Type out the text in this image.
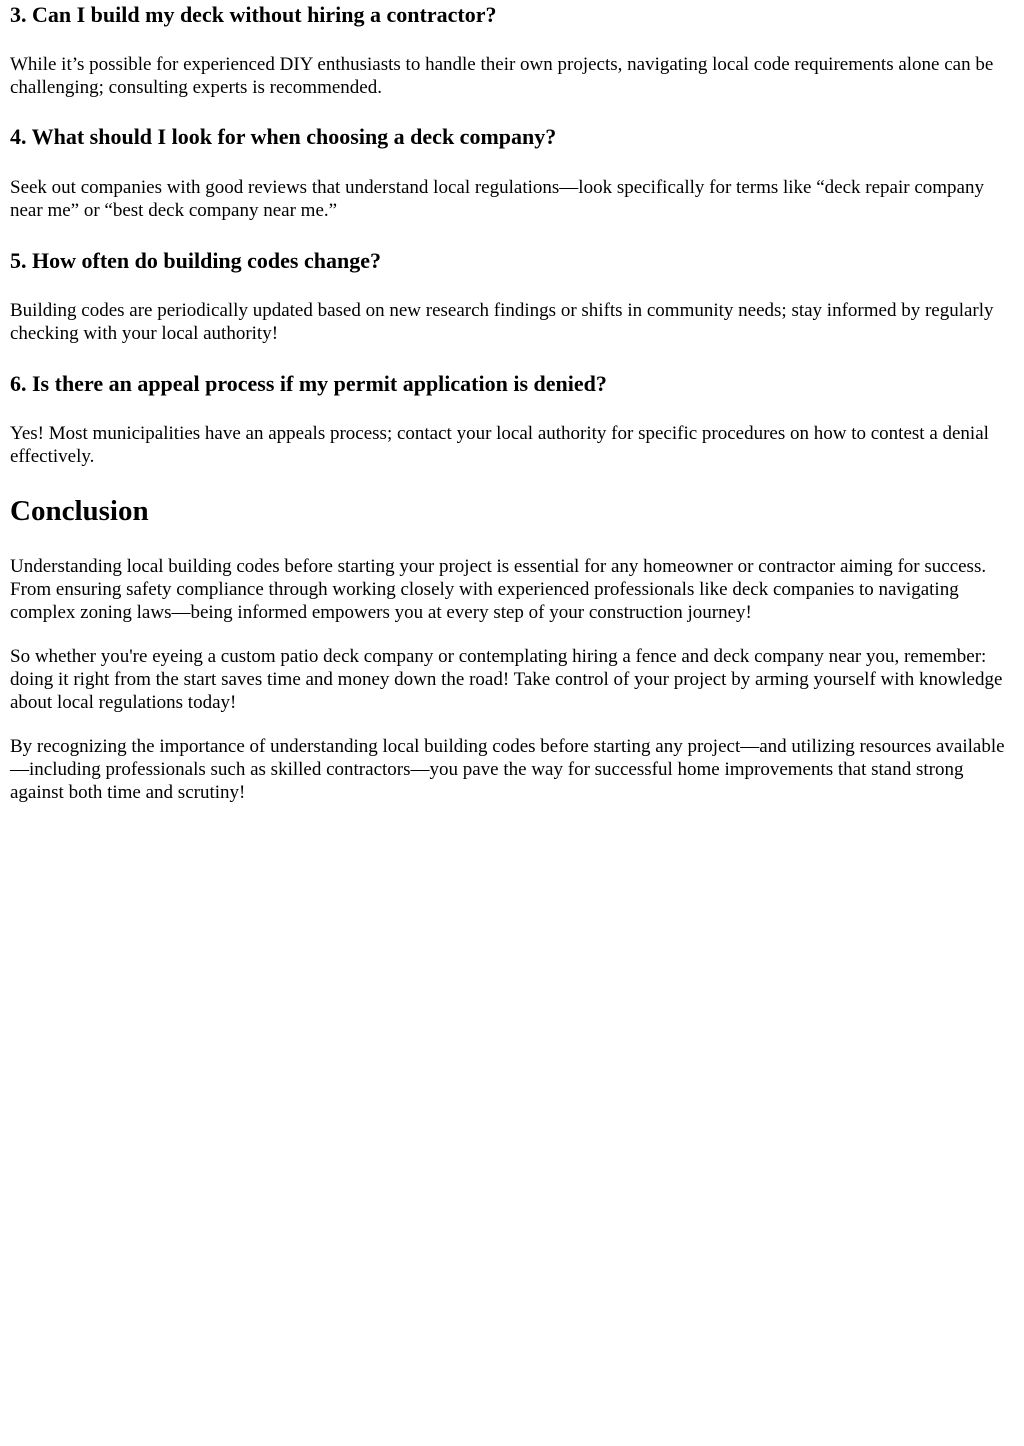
3. Can I build my deck without hiring a contractor?

While it’s possible for experienced DIY enthusiasts to handle their own projects, navigating local code requirements alone can be challenging; consulting experts is recommended.

4. What should I look for when choosing a deck company?

Seek out companies with good reviews that understand local regulations—look specifically for terms like “deck repair company near me” or “best deck company near me.”

5. How often do building codes change?

Building codes are periodically updated based on new research findings or shifts in community needs; stay informed by regularly checking with your local authority!

6. Is there an appeal process if my permit application is denied?

Yes! Most municipalities have an appeals process; contact your local authority for specific procedures on how to contest a denial effectively.

Conclusion

Understanding local building codes before starting your project is essential for any homeowner or contractor aiming for success. From ensuring safety compliance through working closely with experienced professionals like deck companies to navigating complex zoning laws—being informed empowers you at every step of your construction journey!

So whether you're eyeing a custom patio deck company or contemplating hiring a fence and deck company near you, remember: doing it right from the start saves time and money down the road! Take control of your project by arming yourself with knowledge about local regulations today!

By recognizing the importance of understanding local building codes before starting any project—and utilizing resources available—including professionals such as skilled contractors—you pave the way for successful home improvements that stand strong against both time and scrutiny!
